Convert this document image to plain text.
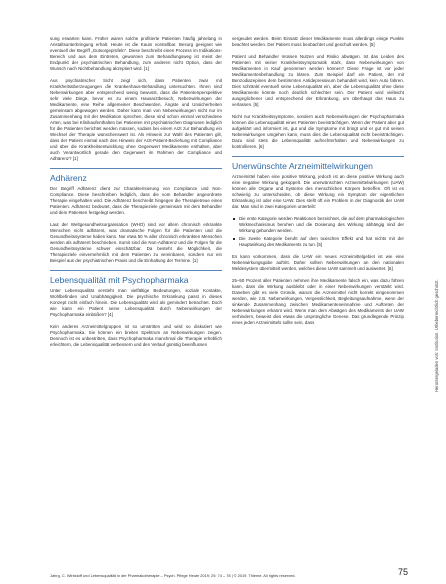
sung erwarten kann. Früher waren solche profitierte Patienten häufig jahrelang in Anstaltsunterbringung erhalt. Heute ist die Kaum vorstellbar. Besorg geeignet wie eventuell der Begriff „Gutsorgeprüfeln“. Diese beschreibt einen Prozess im Indikations-Bereich und aus dem Eintreten, gewonnen zum Behandlungsweg ist meist der Endpunkt der psychiatrischen Behandlung, zum anderen nicht Option, dass der Wunsch nach Nichtbehandlung akzeptiert wird. [1]

Aus psychiatrischer Sicht zeigt sich, dass Patienten zwar mit Krankheitsüberzeugungen die Krankenhaus-Behandlung untersuchten. Ihnen sind Nebenwirkungen aber entsprechend wenig bewusst, dass die Patientenperspektive sehr viele Dinge, bevor es zu einem Hausarztbesuch, Nebenwirkungen der Medikamente, eine Reihe allgemeiner Beschwerden, Ängste und Unsicherheiten gemeinsam abgewogen werden. Daher kann man von Nebenwirkungen nicht nur im Zusammenhang mit der Medikation sprechen, diese sind schon einmal verschiedene Arten, was bei Klinikaufenthalten bei Patienten mit psychiatrischen Diagnosen lediglich für die Patienten berichtet werden müssen, sodass bei einem Arzt zur Behandlung ein Wechsel der Therapie wünschenswert ist. Als Hinweis zur Wahl des Patienten gilt, dass der Patient einmal nach den Hinweis der Arzt-Patient-Beziehung mit Compliance und über die Krankheitsentwicklung ohne Gegenwert Medikamente enthalten, aber auch Verantwortlich gerade den Gegenwert im Rahmen der Compliance und Adhärenz? [1]

Adhärenz

Der Begriff Adhärenz dient zur Charakterisierung von Compliance und Non-Compliance. Diese beschreiben lediglich, dass die vom Behandler angeordnete Therapie eingehalten wird. Die Adhärenz beschreibt hingegen die Therapietreue eines Patienten. Adhärenz bedeutet, dass die Therapieziele gemeinsam mit dem Behandler und dem Patienten festgelegt werden.

Laut der Weltgesundheitsorganisation (WHO) sind vor allem chronisch erkrankte Menschen nicht adhärent, was dramatische Folgen für die Patienten und die Gesundheitssysteme haben kann. Nur etwa 50 % aller chronisch erkrankten Menschen werden als adhärent beschrieben. Somit sind die Non-Adhärenz und die Folgen für die Gesundheitssysteme schwer einschätzbar. Da besteht die Möglichkeit, die Therapieziele einvernehmlich mit dem Patienten zu vereinbaren, sondern nur ein Beispiel aus der psychiatrischen Praxis und die Einhaltung der Termine. [1]

Lebensqualität mit Psychopharmaka

Unter Lebensqualität versteht man vielfältige Bedeutungen, soziale Kontakte, Wohlbefinden und Unabhängigkeit. Die psychische Erkrankung passt in dieses Konzept nicht einfach hinein. Die Lebensqualität wird als gemindert betrachtet. Doch wie kann ein Patient seine Lebensqualität durch Nebenwirkungen der Psychopharmaka einbüßen? [4]

Kein anderes Arzneimittelgruppen ist so umstritten und wird so diskutiert wie Psychopharmaka. Sie können ein breites Spektrum an Nebenwirkungen zeigen. Dennoch ist es unbestritten, dass Psychopharmaka manchmal die Therapie erheblich erleichtern, die Lebensqualität verbessern und den Verlauf günstig beeinflussen

vergeudet werden. Beim Einsatz dieser Medikamente muss allerdings einige Punkte beachtet werden. Der Patient muss beobachtet und geschult werden. [5]

Patient und Behandler müssen Nutzen und Risiko abwägen. Ist das Leiden des Patienten mit seiner Krankheitssymptomatik stark, dass Nebenwirkungen von Medikamenten in Kauf genommen werden können? Diese Frage ist vor jeder Medikamentenbehandlung zu klären. Zum Beispiel darf ein Patient, der mit Benzodiazepinen dem bestimmten Antidepressivum behandelt wird, kein Auto fahren. Dies schränkt eventuell seine Lebensqualität ein, aber die Lebensqualität ohne diese Medikamente könnte noch deutlich schlechter sein. Der Patient wird vielleicht ausgeglichener und entsprechend der Erkrankung, um überhaupt das Haus zu verlassen. [5]

Nicht nur Krankheitssymptome, sondern auch Nebenwirkungen der Psychopharmaka können die Lebensqualität eines Patienten beeinträchtigen. Wenn der Patient aber gut aufgeklärt und informiert ist, gut und die Symptome mit bringt und er gut mit seinen Nebenwirkungen umgehen kann, muss dies die Lebensqualität nicht beeinträchtigen. Dazu sind stets die Lebensqualität aufrechterhalten und Nebenwirkungen zu kontrollieren. [6]

Unerwünschte Arzneimittelwirkungen

Arzneimittel haben eine positive Wirkung, jedoch ist an diese positive Wirkung auch eine negative Wirkung gekoppelt. Die unerwünschten Arzneimittelwirkungen (UAW) können alle Organe und Systeme des menschlichen Körpers betreffen. Oft ist es schwierig zu unterscheiden, ob diese Wirkung ein Symptom der eigentlichen Erkrankung ist oder eine UAW. Dies stellt oft ein Problem in der Diagnostik der UAW dar. Man sind in zwei Kategorien unterteilt:

Die erste Kategorie werden Reaktionen bezeichnet, die auf dem pharmakologischen Wirkmechanismus beruhen und die Dosierung des Wirkung abhängig sind der Wirkung gebunden werden.
Die zweite Kategorie beruht auf dem toxischen Effekt und hat nichts mit der Hauptwirkung des Medikaments zu tun. [5]

Es kann vorkommen, dass die UAW ein neues Arzneimittelgebiet ist wie eine Nebenwirkungsgabe auftritt. Daher sollten Nebenwirkungen an den nationalen Meldesystem übermittelt werden, welches diese UAW sammelt und auswertet. [5]

25–50 Prozent aller Patienten nehmen ihre Medikamente falsch ein, was dazu führen kann, dass die Wirkung ausbleibt oder in einer Nebenwirkungen verstärkt wird. Daneben gibt es viele Gründe, warum die Arzneimittel nicht korrekt eingenommen werden, wie z.B. Nebenwirkungen, Vergesslichkeit, Begleitungsaufnahme, wenn der sinkende Zusammenhang zwischen Medikamenteneinnahme und Auftreten der Nebenwirkungen erkannt wird. Wenn man dem Abwägen des Medikaments der UAW verhindern, beweist dies etwas die ursprüngliche Genese. Das grundlegende Prinzip eines jeden Arzneimittels sollte sein, dass

Jahrg. C. Wirkstoff und Lebensqualität in der Pharmakotherapie – Psych. Pflege Heute 2019; 25: 74 – 78 | © 2019. Thieme. All rights reserved.	75
Heruntergeladen von: Institution. Urheberrechtlich geschützt.
